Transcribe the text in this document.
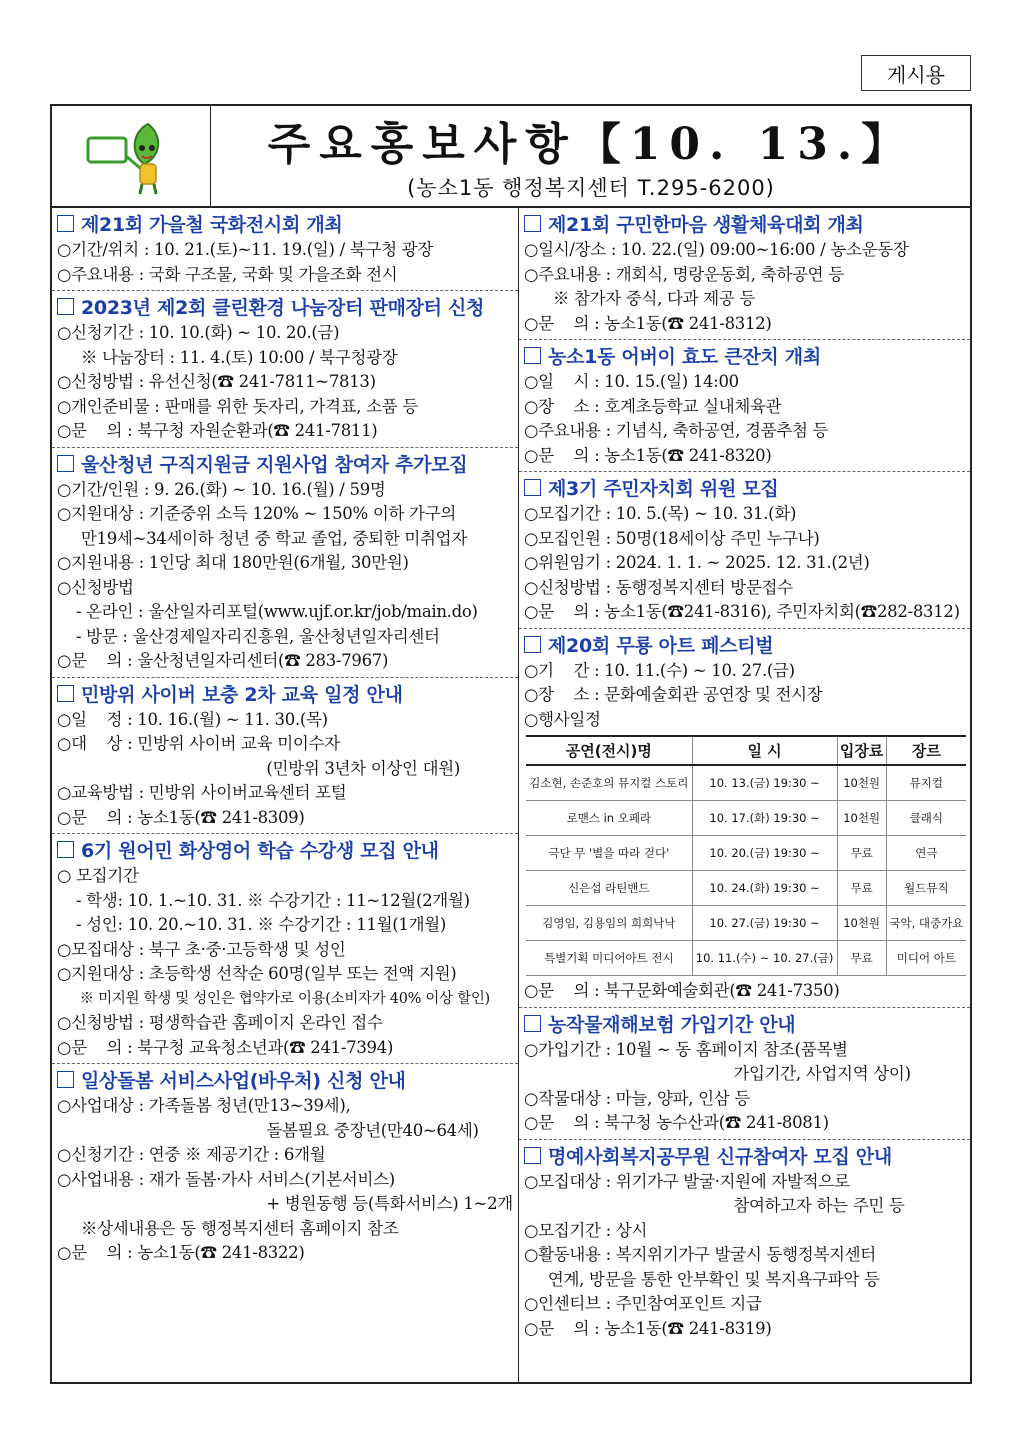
게시용
주요홍보사항【10. 13.】
(농소1동 행정복지센터 T.295-6200)
제21회 가을철 국화전시회 개최
○기간/위치 : 10. 21.(토)~11. 19.(일) / 북구청 광장
○주요내용 : 국화 구조물, 국화 및 가을조화 전시
2023년 제2회 클린환경 나눔장터 판매장터 신청
○신청기간 : 10. 10.(화) ~ 10. 20.(금)
※ 나눔장터 : 11. 4.(토) 10:00 / 북구청광장
○신청방법 : 유선신청(☎ 241-7811~7813)
○개인준비물 : 판매를 위한 돗자리, 가격표, 소품 등
○문    의 : 북구청 자원순환과(☎ 241-7811)
울산청년 구직지원금 지원사업 참여자 추가모집
○기간/인원 : 9. 26.(화) ~ 10. 16.(월) / 59명
○지원대상 : 기준중위 소득 120% ~ 150% 이하 가구의
만19세~34세이하 청년 중 학교 졸업, 중퇴한 미취업자
○지원내용 : 1인당 최대 180만원(6개월, 30만원)
○신청방법
- 온라인 : 울산일자리포털(www.ujf.or.kr/job/main.do)
- 방문 : 울산경제일자리진흥원, 울산청년일자리센터
○문    의 : 울산청년일자리센터(☎ 283-7967)
민방위 사이버 보충 2차 교육 일정 안내
○일    정 : 10. 16.(월) ~ 11. 30.(목)
○대    상 : 민방위 사이버 교육 미이수자
(민방위 3년차 이상인 대원)
○교육방법 : 민방위 사이버교육센터 포털
○문    의 : 농소1동(☎ 241-8309)
6기 원어민 화상영어 학습 수강생 모집 안내
○ 모집기간
- 학생: 10. 1.~10. 31. ※ 수강기간 : 11~12월(2개월)
- 성인: 10. 20.~10. 31. ※ 수강기간 : 11월(1개월)
○모집대상 : 북구 초·중·고등학생 및 성인
○지원대상 : 초등학생 선착순 60명(일부 또는 전액 지원)
※ 미지원 학생 및 성인은 협약가로 이용(소비자가 40% 이상 할인)
○신청방법 : 평생학습관 홈페이지 온라인 접수
○문    의 : 북구청 교육청소년과(☎ 241-7394)
일상돌봄 서비스사업(바우처) 신청 안내
○사업대상 : 가족돌봄 청년(만13~39세),
돌봄필요 중장년(만40~64세)
○신청기간 : 연중 ※ 제공기간 : 6개월
○사업내용 : 재가 돌봄·가사 서비스(기본서비스)
+ 병원동행 등(특화서비스) 1~2개
※상세내용은 동 행정복지센터 홈페이지 참조
○문    의 : 농소1동(☎ 241-8322)
제21회 구민한마음 생활체육대회 개최
○일시/장소 : 10. 22.(일) 09:00~16:00 / 농소운동장
○주요내용 : 개회식, 명랑운동회, 축하공연 등
※ 참가자 중식, 다과 제공 등
○문    의 : 농소1동(☎ 241-8312)
농소1동 어버이 효도 큰잔치 개최
○일    시 : 10. 15.(일) 14:00
○장    소 : 호계초등학교 실내체육관
○주요내용 : 기념식, 축하공연, 경품추첨 등
○문    의 : 농소1동(☎ 241-8320)
제3기 주민자치회 위원 모집
○모집기간 : 10. 5.(목) ~ 10. 31.(화)
○모집인원 : 50명(18세이상 주민 누구나)
○위원임기 : 2024. 1. 1. ~ 2025. 12. 31.(2년)
○신청방법 : 동행정복지센터 방문접수
○문    의 : 농소1동(☎241-8316), 주민자치회(☎282-8312)
제20회 무룡 아트 페스티벌
○기    간 : 10. 11.(수) ~ 10. 27.(금)
○장    소 : 문화예술회관 공연장 및 전시장
○행사일정
공연(전시)명	일 시	입장료	장르
김소현, 손준호의 뮤지컬 스토리	10. 13.(금) 19:30 ~	10천원	뮤지컬
로맨스 in 오페라	10. 17.(화) 19:30 ~	10천원	클래식
극단 무 '별을 따라 걷다'	10. 20.(금) 19:30 ~	무료	연극
신은섭 라틴밴드	10. 24.(화) 19:30 ~	무료	월드뮤직
김영임, 김용임의 희희낙낙	10. 27.(금) 19:30 ~	10천원	국악, 대중가요
특별기획 미디어아트 전시	10. 11.(수) ~ 10. 27.(금)	무료	미디어 아트
○문    의 : 북구문화예술회관(☎ 241-7350)
농작물재해보험 가입기간 안내
○가입기간 : 10월 ~ 동 홈페이지 참조(품목별
가입기간, 사업지역 상이)
○작물대상 : 마늘, 양파, 인삼 등
○문    의 : 북구청 농수산과(☎ 241-8081)
명예사회복지공무원 신규참여자 모집 안내
○모집대상 : 위기가구 발굴·지원에 자발적으로
참여하고자 하는 주민 등
○모집기간 : 상시
○활동내용 : 복지위기가구 발굴시 동행정복지센터
연계, 방문을 통한 안부확인 및 복지욕구파악 등
○인센티브 : 주민참여포인트 지급
○문    의 : 농소1동(☎ 241-8319)
